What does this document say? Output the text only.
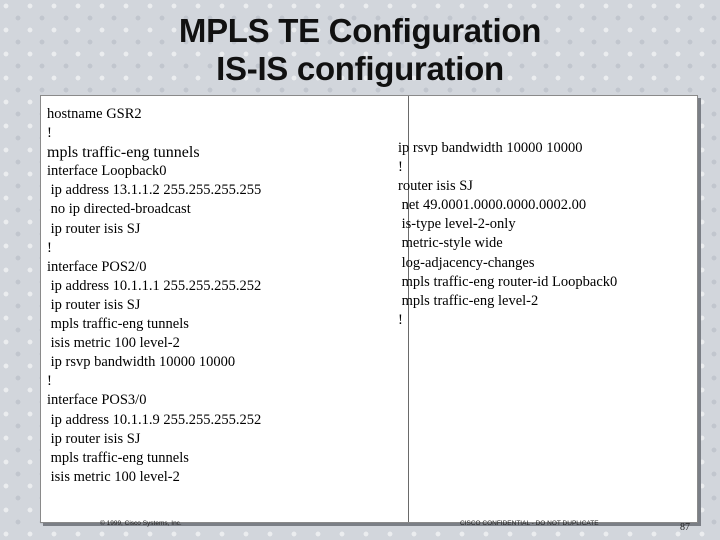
MPLS TE Configuration
IS-IS configuration
hostname GSR2
!
mpls traffic-eng tunnels
interface Loopback0
ip address 13.1.1.2 255.255.255.255
no ip directed-broadcast
ip router isis SJ
!
interface POS2/0
ip address 10.1.1.1 255.255.255.252
ip router isis SJ
mpls traffic-eng tunnels
isis metric 100 level-2
ip rsvp bandwidth 10000 10000
!
interface POS3/0
ip address 10.1.1.9 255.255.255.252
ip router isis SJ
mpls traffic-eng tunnels
isis metric 100 level-2
ip rsvp bandwidth 10000 10000
!
router isis SJ
net 49.0001.0000.0000.0002.00
is-type level-2-only
metric-style wide
log-adjacency-changes
mpls traffic-eng router-id Loopback0
mpls traffic-eng level-2
!
© 1999, Cisco Systems, Inc.	CISCO CONFIDENTIAL - DO NOT DUPLICATE	87
